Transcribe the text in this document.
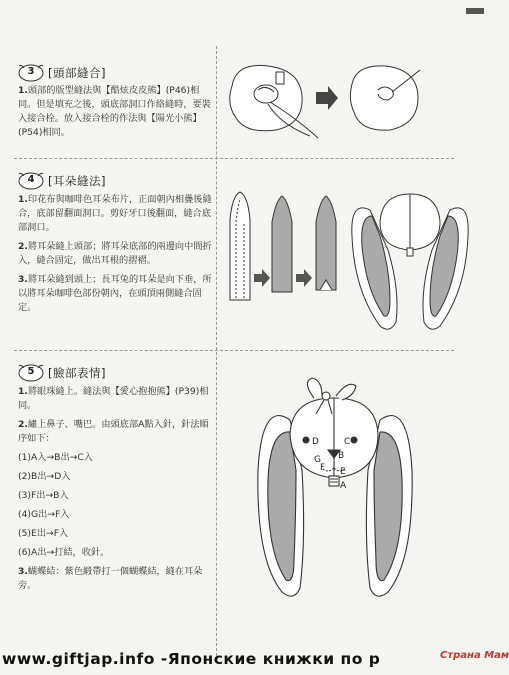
3	[頭部縫合]

1.頭部的版型縫法與【酷炫皮皮熊】(P46)相同。但是填充之後，頭底部洞口作絡縫時，要裝入接合栓。放入接合栓的作法與【陽光小熊】(P54)相同。

4	[耳朵縫法]

1.印花布與咖啡色耳朵布片，正面朝內相疊後縫合，底部留翻面洞口。剪好牙口後翻面，縫合底部洞口。

2.將耳朵縫上頭部；將耳朵底部的兩邊向中間折入，縫合固定，做出耳根的摺褶。

3.將耳朵縫到頭上；長耳兔的耳朵是向下垂，所以將耳朵咖啡色部份朝內，在頭頂兩側縫合固定。

5	[臉部表情]

1.將眼珠縫上。縫法與【愛心抱抱熊】(P39)相同。

2.繡上鼻子、嘴巴。由頭底部A點入針，針法順序如下：

(1)A入→B出→C入

(2)B出→D入

(3)F出→B入

(4)G出→F入

(5)E出→F入

(6)A出→打結，收針。

3.蝴蝶結：紫色緞帶打一個蝴蝶結，縫在耳朵旁。

D	C
B
G
F E
A
www.giftjap.info -Японские книжки по р	Страна Мам
